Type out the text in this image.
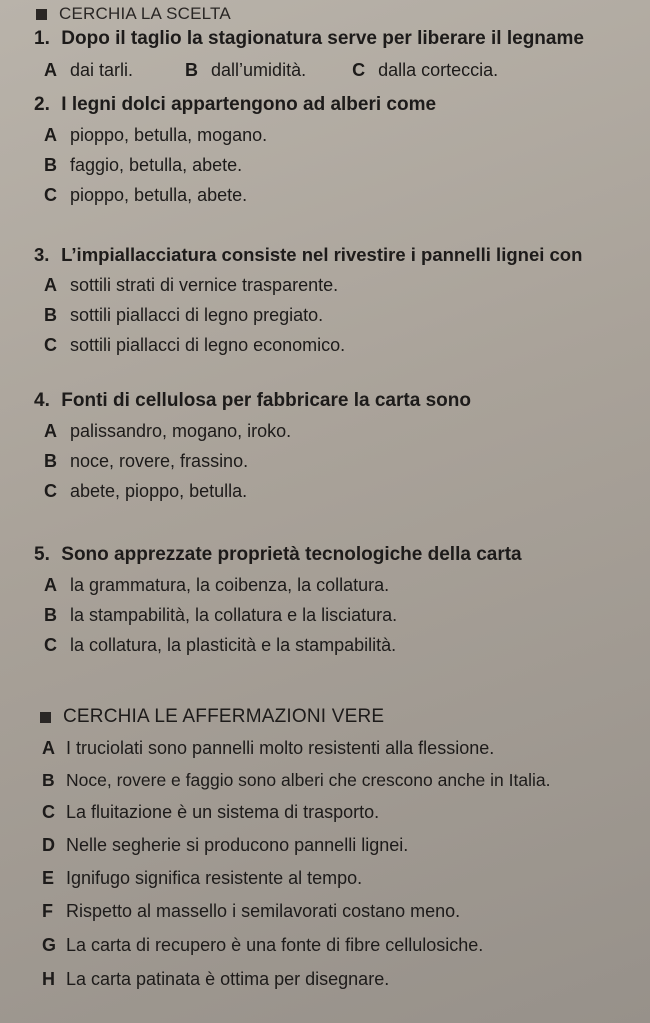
CERCHIA LA SCELTA
1. Dopo il taglio la stagionatura serve per liberare il legname
A dai tarli.	B dall’umidità.	C dalla corteccia.
2. I legni dolci appartengono ad alberi come
A pioppo, betulla, mogano.
B faggio, betulla, abete.
C pioppo, betulla, abete.
3. L’impiallacciatura consiste nel rivestire i pannelli lignei con
A sottili strati di vernice trasparente.
B sottili piallacci di legno pregiato.
C sottili piallacci di legno economico.
4. Fonti di cellulosa per fabbricare la carta sono
A palissandro, mogano, iroko.
B noce, rovere, frassino.
C abete, pioppo, betulla.
5. Sono apprezzate proprietà tecnologiche della carta
A la grammatura, la coibenza, la collatura.
B la stampabilità, la collatura e la lisciatura.
C la collatura, la plasticità e la stampabilità.
CERCHIA LE AFFERMAZIONI VERE
A I truciolati sono pannelli molto resistenti alla flessione.
B Noce, rovere e faggio sono alberi che crescono anche in Italia.
C La fluitazione è un sistema di trasporto.
D Nelle segherie si producono pannelli lignei.
E Ignifugo significa resistente al tempo.
F Rispetto al massello i semilavorati costano meno.
G La carta di recupero è una fonte di fibre cellulosiche.
H La carta patinata è ottima per disegnare.
